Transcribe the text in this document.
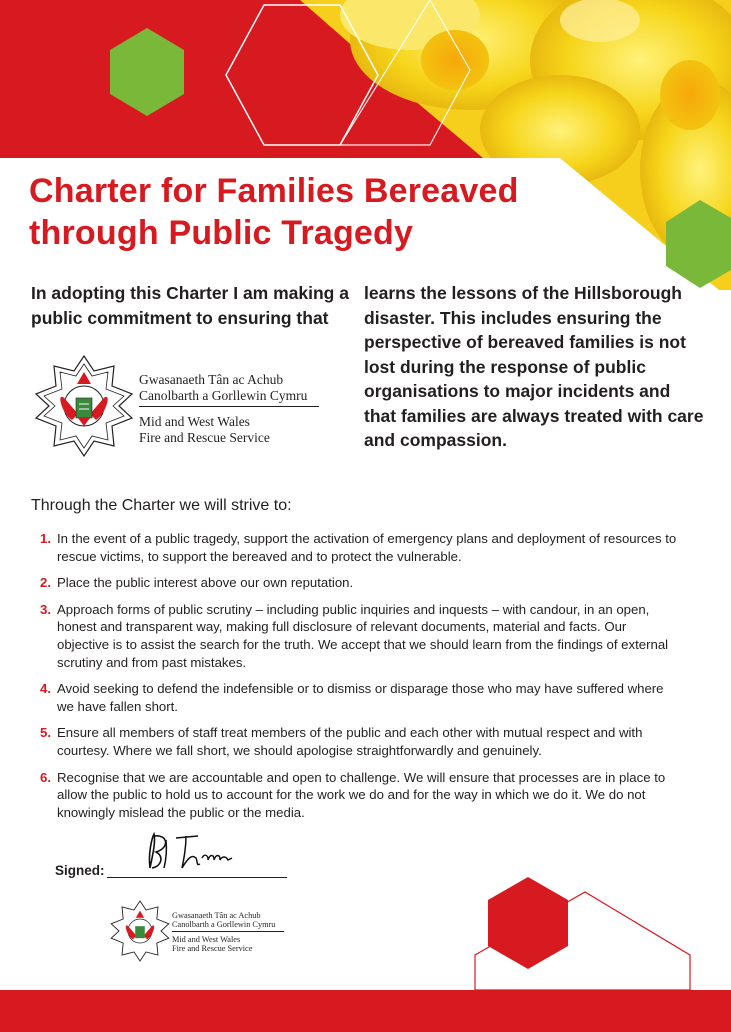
Charter for Families Bereaved
through Public Tragedy
In adopting this Charter I am making a public commitment to ensuring that
learns the lessons of the Hillsborough disaster. This includes ensuring the perspective of bereaved families is not lost during the response of public organisations to major incidents and that families are always treated with care and compassion.
Gwasanaeth Tân ac Achub
Canolbarth a Gorllewin Cymru
Mid and West Wales
Fire and Rescue Service
Through the Charter we will strive to:
1. In the event of a public tragedy, support the activation of emergency plans and deployment of resources to rescue victims, to support the bereaved and to protect the vulnerable.
2. Place the public interest above our own reputation.
3. Approach forms of public scrutiny – including public inquiries and inquests – with candour, in an open, honest and transparent way, making full disclosure of relevant documents, material and facts. Our objective is to assist the search for the truth. We accept that we should learn from the findings of external scrutiny and from past mistakes.
4. Avoid seeking to defend the indefensible or to dismiss or disparage those who may have suffered where we have fallen short.
5. Ensure all members of staff treat members of the public and each other with mutual respect and with courtesy. Where we fall short, we should apologise straightforwardly and genuinely.
6. Recognise that we are accountable and open to challenge. We will ensure that processes are in place to allow the public to hold us to account for the work we do and for the way in which we do it. We do not knowingly mislead the public or the media.
Signed:
Gwasanaeth Tân ac Achub
Canolbarth a Gorllewin Cymru
Mid and West Wales
Fire and Rescue Service
